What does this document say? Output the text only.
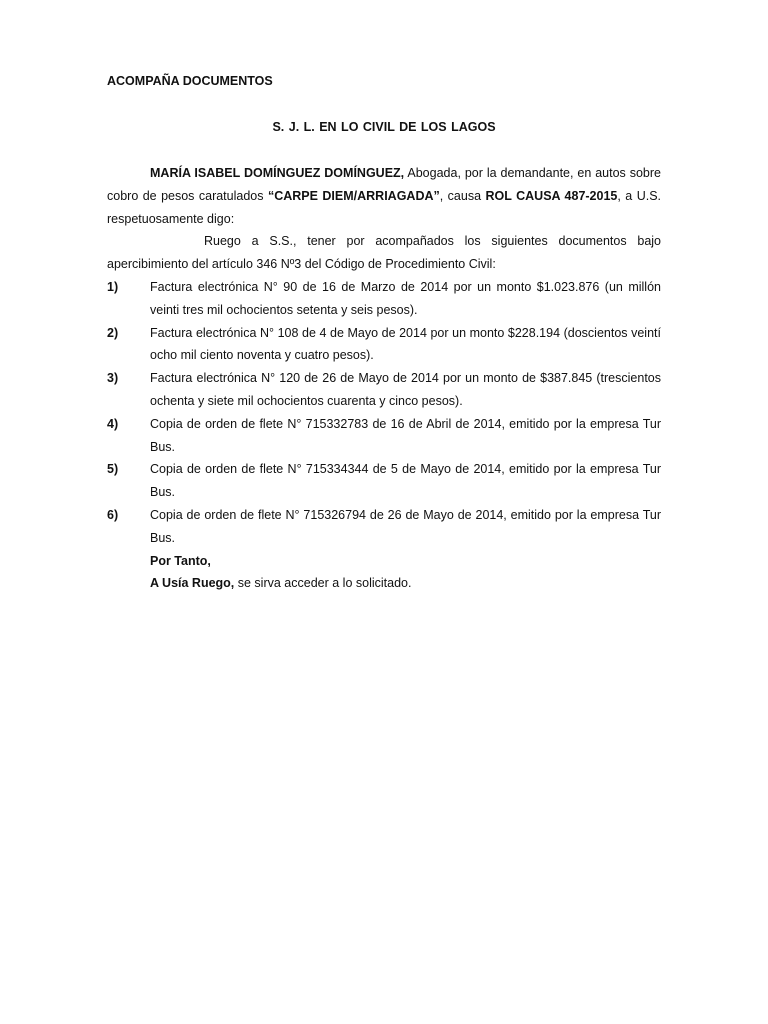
ACOMPAÑA DOCUMENTOS

S. J. L. EN LO CIVIL DE LOS LAGOS

MARÍA ISABEL DOMÍNGUEZ DOMÍNGUEZ, Abogada, por la demandante, en autos sobre cobro de pesos caratulados “CARPE DIEM/ARRIAGADA”, causa ROL CAUSA 487-2015, a U.S. respetuosamente digo:

Ruego a S.S., tener por acompañados los siguientes documentos bajo apercibimiento del artículo 346 Nº3 del Código de Procedimiento Civil:

1)	Factura electrónica N° 90 de 16 de Marzo de 2014 por un monto $1.023.876 (un millón veinti tres mil ochocientos setenta y seis pesos).
2)	Factura electrónica N° 108 de 4 de Mayo de 2014 por un monto $228.194 (doscientos veintí ocho mil ciento noventa y cuatro pesos).
3)	Factura electrónica N° 120 de 26 de Mayo de 2014 por un monto de $387.845 (trescientos ochenta y siete mil ochocientos cuarenta y cinco pesos).
4)	Copia de orden de flete N° 715332783 de 16 de Abril de 2014, emitido por la empresa Tur Bus.
5)	Copia de orden de flete N° 715334344 de 5 de Mayo de 2014, emitido por la empresa Tur Bus.
6)	Copia de orden de flete N° 715326794 de 26 de Mayo de 2014, emitido por la empresa Tur Bus.

Por Tanto,

A Usía Ruego, se sirva acceder a lo solicitado.
